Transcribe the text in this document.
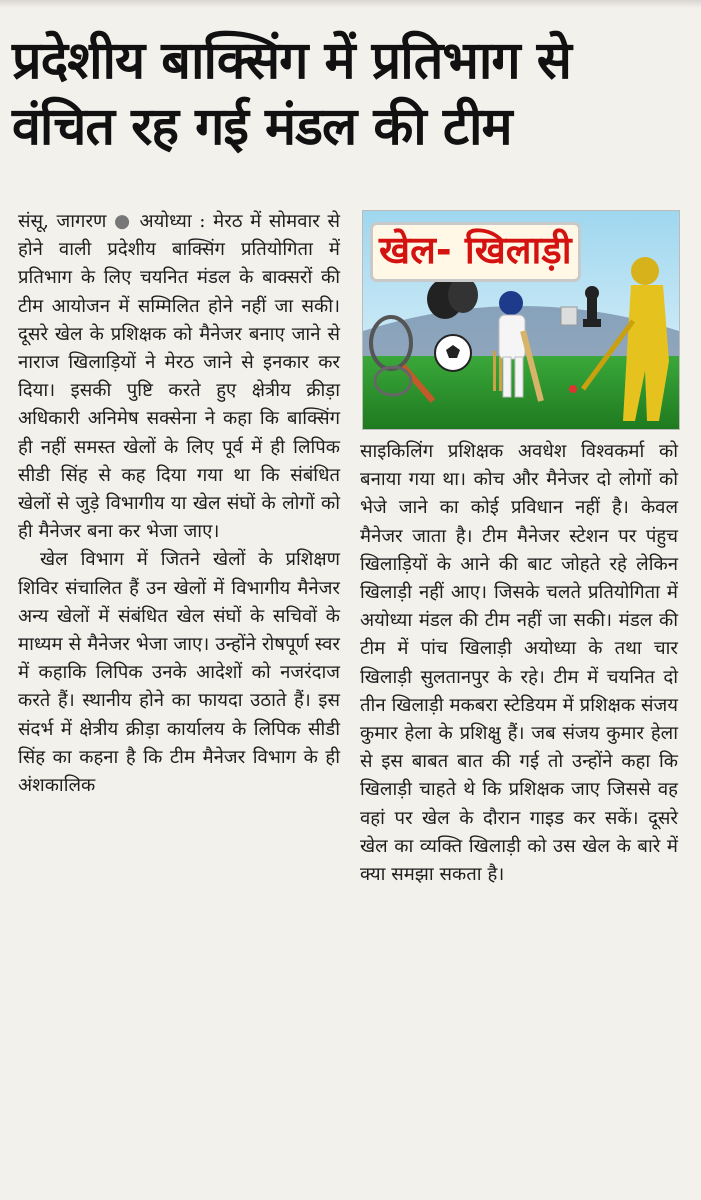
प्रदेशीय बाक्सिंग में प्रतिभाग से
वंचित रह गई मंडल की टीम

संसू, जागरण ● अयोध्या : मेरठ में सोमवार से होने वाली प्रदेशीय बाक्सिंग प्रतियोगिता में प्रतिभाग के लिए चयनित मंडल के बाक्सरों की टीम आयोजन में सम्मिलित होने नहीं जा सकी। दूसरे खेल के प्रशिक्षक को मैनेजर बनाए जाने से नाराज खिलाड़ियों ने मेरठ जाने से इनकार कर दिया। इसकी पुष्टि करते हुए क्षेत्रीय क्रीड़ा अधिकारी अनिमेष सक्सेना ने कहा कि बाक्सिंग ही नहीं समस्त खेलों के लिए पूर्व में ही लिपिक सीडी सिंह से कह दिया गया था कि संबंधित खेलों से जुड़े विभागीय या खेल संघों के लोगों को ही मैनेजर बना कर भेजा जाए।

खेल विभाग में जितने खेलों के प्रशिक्षण शिविर संचालित हैं उन खेलों में विभागीय मैनेजर अन्य खेलों में संबंधित खेल संघों के सचिवों के माध्यम से मैनेजर भेजा जाए। उन्होंने रोषपूर्ण स्वर में कहाकि लिपिक उनके आदेशों को नजरंदाज करते हैं। स्थानीय होने का फायदा उठाते हैं। इस संदर्भ में क्षेत्रीय क्रीड़ा कार्यालय के लिपिक सीडी सिंह का कहना है कि टीम मैनेजर विभाग के ही अंशकालिक

खेल- खिलाड़ी

साइकिलिंग प्रशिक्षक अवधेश विश्वकर्मा को बनाया गया था। कोच और मैनेजर दो लोगों को भेजे जाने का कोई प्रविधान नहीं है। केवल मैनेजर जाता है। टीम मैनेजर स्टेशन पर पंहुच खिलाड़ियों के आने की बाट जोहते रहे लेकिन खिलाड़ी नहीं आए। जिसके चलते प्रतियोगिता में अयोध्या मंडल की टीम नहीं जा सकी। मंडल की टीम में पांच खिलाड़ी अयोध्या के तथा चार खिलाड़ी सुलतानपुर के रहे। टीम में चयनित दो तीन खिलाड़ी मकबरा स्टेडियम में प्रशिक्षक संजय कुमार हेला के प्रशिक्षु हैं। जब संजय कुमार हेला से इस बाबत बात की गई तो उन्होंने कहा कि खिलाड़ी चाहते थे कि प्रशिक्षक जाए जिससे वह वहां पर खेल के दौरान गाइड कर सकें। दूसरे खेल का व्यक्ति खिलाड़ी को उस खेल के बारे में क्या समझा सकता है।
